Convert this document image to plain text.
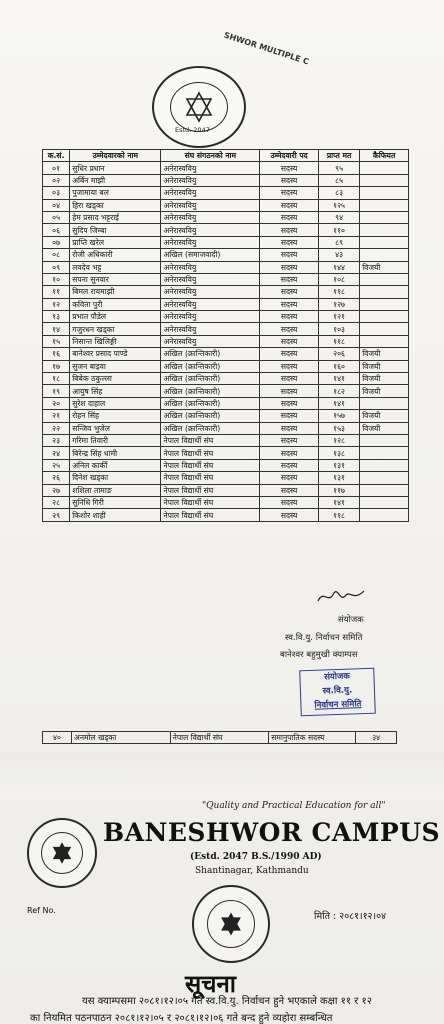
SHWOR MULTIPLE C
Estd. 2047
क.सं.	उम्मेदवारको नाम	संघ संगठनको नाम	उम्मेदवारी पद	प्राप्त मत	कैफियत
०१	सुधिर प्रधान	अनेरास्ववियु	सदस्य	९५	
०२	अर्बिन माझी	अनेरास्ववियु	सदस्य	८५	
०३	पुजामाया बल	अनेरास्ववियु	सदस्य	८३	
०४	हिरा खड्का	अनेरास्ववियु	सदस्य	१२५	
०५	हेम प्रसाद भट्टराई	अनेरास्ववियु	सदस्य	९४	
०६	सुदिप जिम्बा	अनेरास्ववियु	सदस्य	११०	
०७	प्राप्ति खरेल	अनेरास्ववियु	सदस्य	८९	
०८	रोजी अधिकारी	अखिल (समाजवादी)	सदस्य	४३	
०९	लवदेव भट्ट	अनेरास्ववियु	सदस्य	१४४	विजयी
१०	सपना सुनवार	अनेरास्ववियु	सदस्य	१०८	
११	बिमल रायमाझी	अनेरास्ववियु	सदस्य	११८	
१२	कविता पुरी	अनेरास्ववियु	सदस्य	१२७	
१३	प्रभात पौडेल	अनेरास्ववियु	सदस्य	१२१	
१४	गजुरधन खड्का	अनेरास्ववियु	सदस्य	१०३	
१५	निसान्त खिलिङ्गी	अनेरास्ववियु	सदस्य	११८	
१६	बानेश्वर प्रसाद पाण्डे	अखिल (क्रान्तिकारी)	सदस्य	२०६	विजयी
१७	सुजन बाइवा	अखिल (क्रान्तिकारी)	सदस्य	१६०	विजयी
१८	बिबेक ठकुल्ला	अखिल (क्रान्तिकारी)	सदस्य	१४१	विजयी
१९	आयुष सिंह	अखिल (क्रान्तिकारी)	सदस्य	१८२	विजयी
२०	सुरेश दाहाल	अखिल (क्रान्तिकारी)	सदस्य	१४१	
२१	रोहन सिंह	अखिल (क्रान्तिकारी)	सदस्य	१५७	विजयी
२२	सन्जिव भुजेल	अखिल (क्रान्तिकारी)	सदस्य	१५३	विजयी
२३	गरिमा तिवारी	नेपाल विद्यार्थी संघ	सदस्य	१२८	
२४	बिरेन्द्र सिंह धामी	नेपाल विद्यार्थी संघ	सदस्य	१३८	
२५	अनिल कार्की	नेपाल विद्यार्थी संघ	सदस्य	१३१	
२६	दिनेश खड्का	नेपाल विद्यार्थी संघ	सदस्य	१३१	
२७	शशिला तामाङ	नेपाल विद्यार्थी संघ	सदस्य	११७	
२८	सुनिधि गिरी	नेपाल विद्यार्थी संघ	सदस्य	१४१	
२९	किशोर शाही	नेपाल विद्यार्थी संघ	सदस्य	११८	
संयोजक
स्व.वि.यु. निर्वाचन समिति
बानेश्वर बहुमुखी क्याम्पस
संयोजक
स्व.वि.यु.
निर्वाचन समिति
४०	अनमोल खड्का	नेपाल विद्यार्थी संघ	समानुपातिक सदस्य	३४
"Quality and Practical Education for all"
BANESHWOR CAMPUS
(Estd. 2047 B.S./1990 AD)
Shantinagar, Kathmandu
Ref No.
मिति : २०८१।१२।०४
सूचना
यस क्याम्पसमा २०८१।१२।०५ गते स्व.वि.यु. निर्वाचन हुने भएकाले कक्षा ११ र १२
का नियमित पठनपाठन २०८१।१२।०५ र २०८१।१२।०६ गते बन्द हुने व्यहोरा सम्बन्धित
